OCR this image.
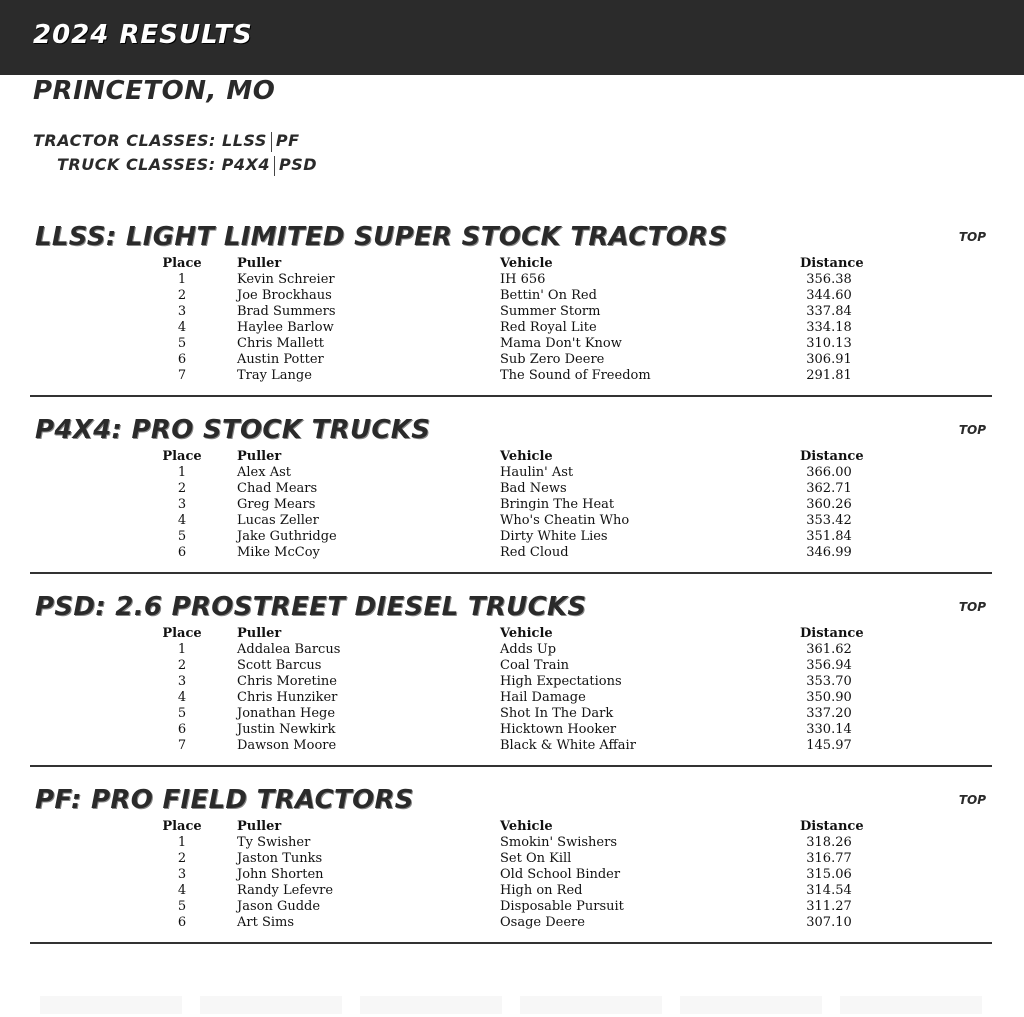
2024 RESULTS
PRINCETON, MO
TRACTOR CLASSES: LLSS PF
TRUCK CLASSES: P4X4 PSD
LLSS: LIGHT LIMITED SUPER STOCK TRACTORS	TOP
Place	Puller	Vehicle	Distance
1	Kevin Schreier	IH 656	356.38
2	Joe Brockhaus	Bettin' On Red	344.60
3	Brad Summers	Summer Storm	337.84
4	Haylee Barlow	Red Royal Lite	334.18
5	Chris Mallett	Mama Don't Know	310.13
6	Austin Potter	Sub Zero Deere	306.91
7	Tray Lange	The Sound of Freedom	291.81
P4X4: PRO STOCK TRUCKS	TOP
Place	Puller	Vehicle	Distance
1	Alex Ast	Haulin' Ast	366.00
2	Chad Mears	Bad News	362.71
3	Greg Mears	Bringin The Heat	360.26
4	Lucas Zeller	Who's Cheatin Who	353.42
5	Jake Guthridge	Dirty White Lies	351.84
6	Mike McCoy	Red Cloud	346.99
PSD: 2.6 PROSTREET DIESEL TRUCKS	TOP
Place	Puller	Vehicle	Distance
1	Addalea Barcus	Adds Up	361.62
2	Scott Barcus	Coal Train	356.94
3	Chris Moretine	High Expectations	353.70
4	Chris Hunziker	Hail Damage	350.90
5	Jonathan Hege	Shot In The Dark	337.20
6	Justin Newkirk	Hicktown Hooker	330.14
7	Dawson Moore	Black & White Affair	145.97
PF: PRO FIELD TRACTORS	TOP
Place	Puller	Vehicle	Distance
1	Ty Swisher	Smokin' Swishers	318.26
2	Jaston Tunks	Set On Kill	316.77
3	John Shorten	Old School Binder	315.06
4	Randy Lefevre	High on Red	314.54
5	Jason Gudde	Disposable Pursuit	311.27
6	Art Sims	Osage Deere	307.10
